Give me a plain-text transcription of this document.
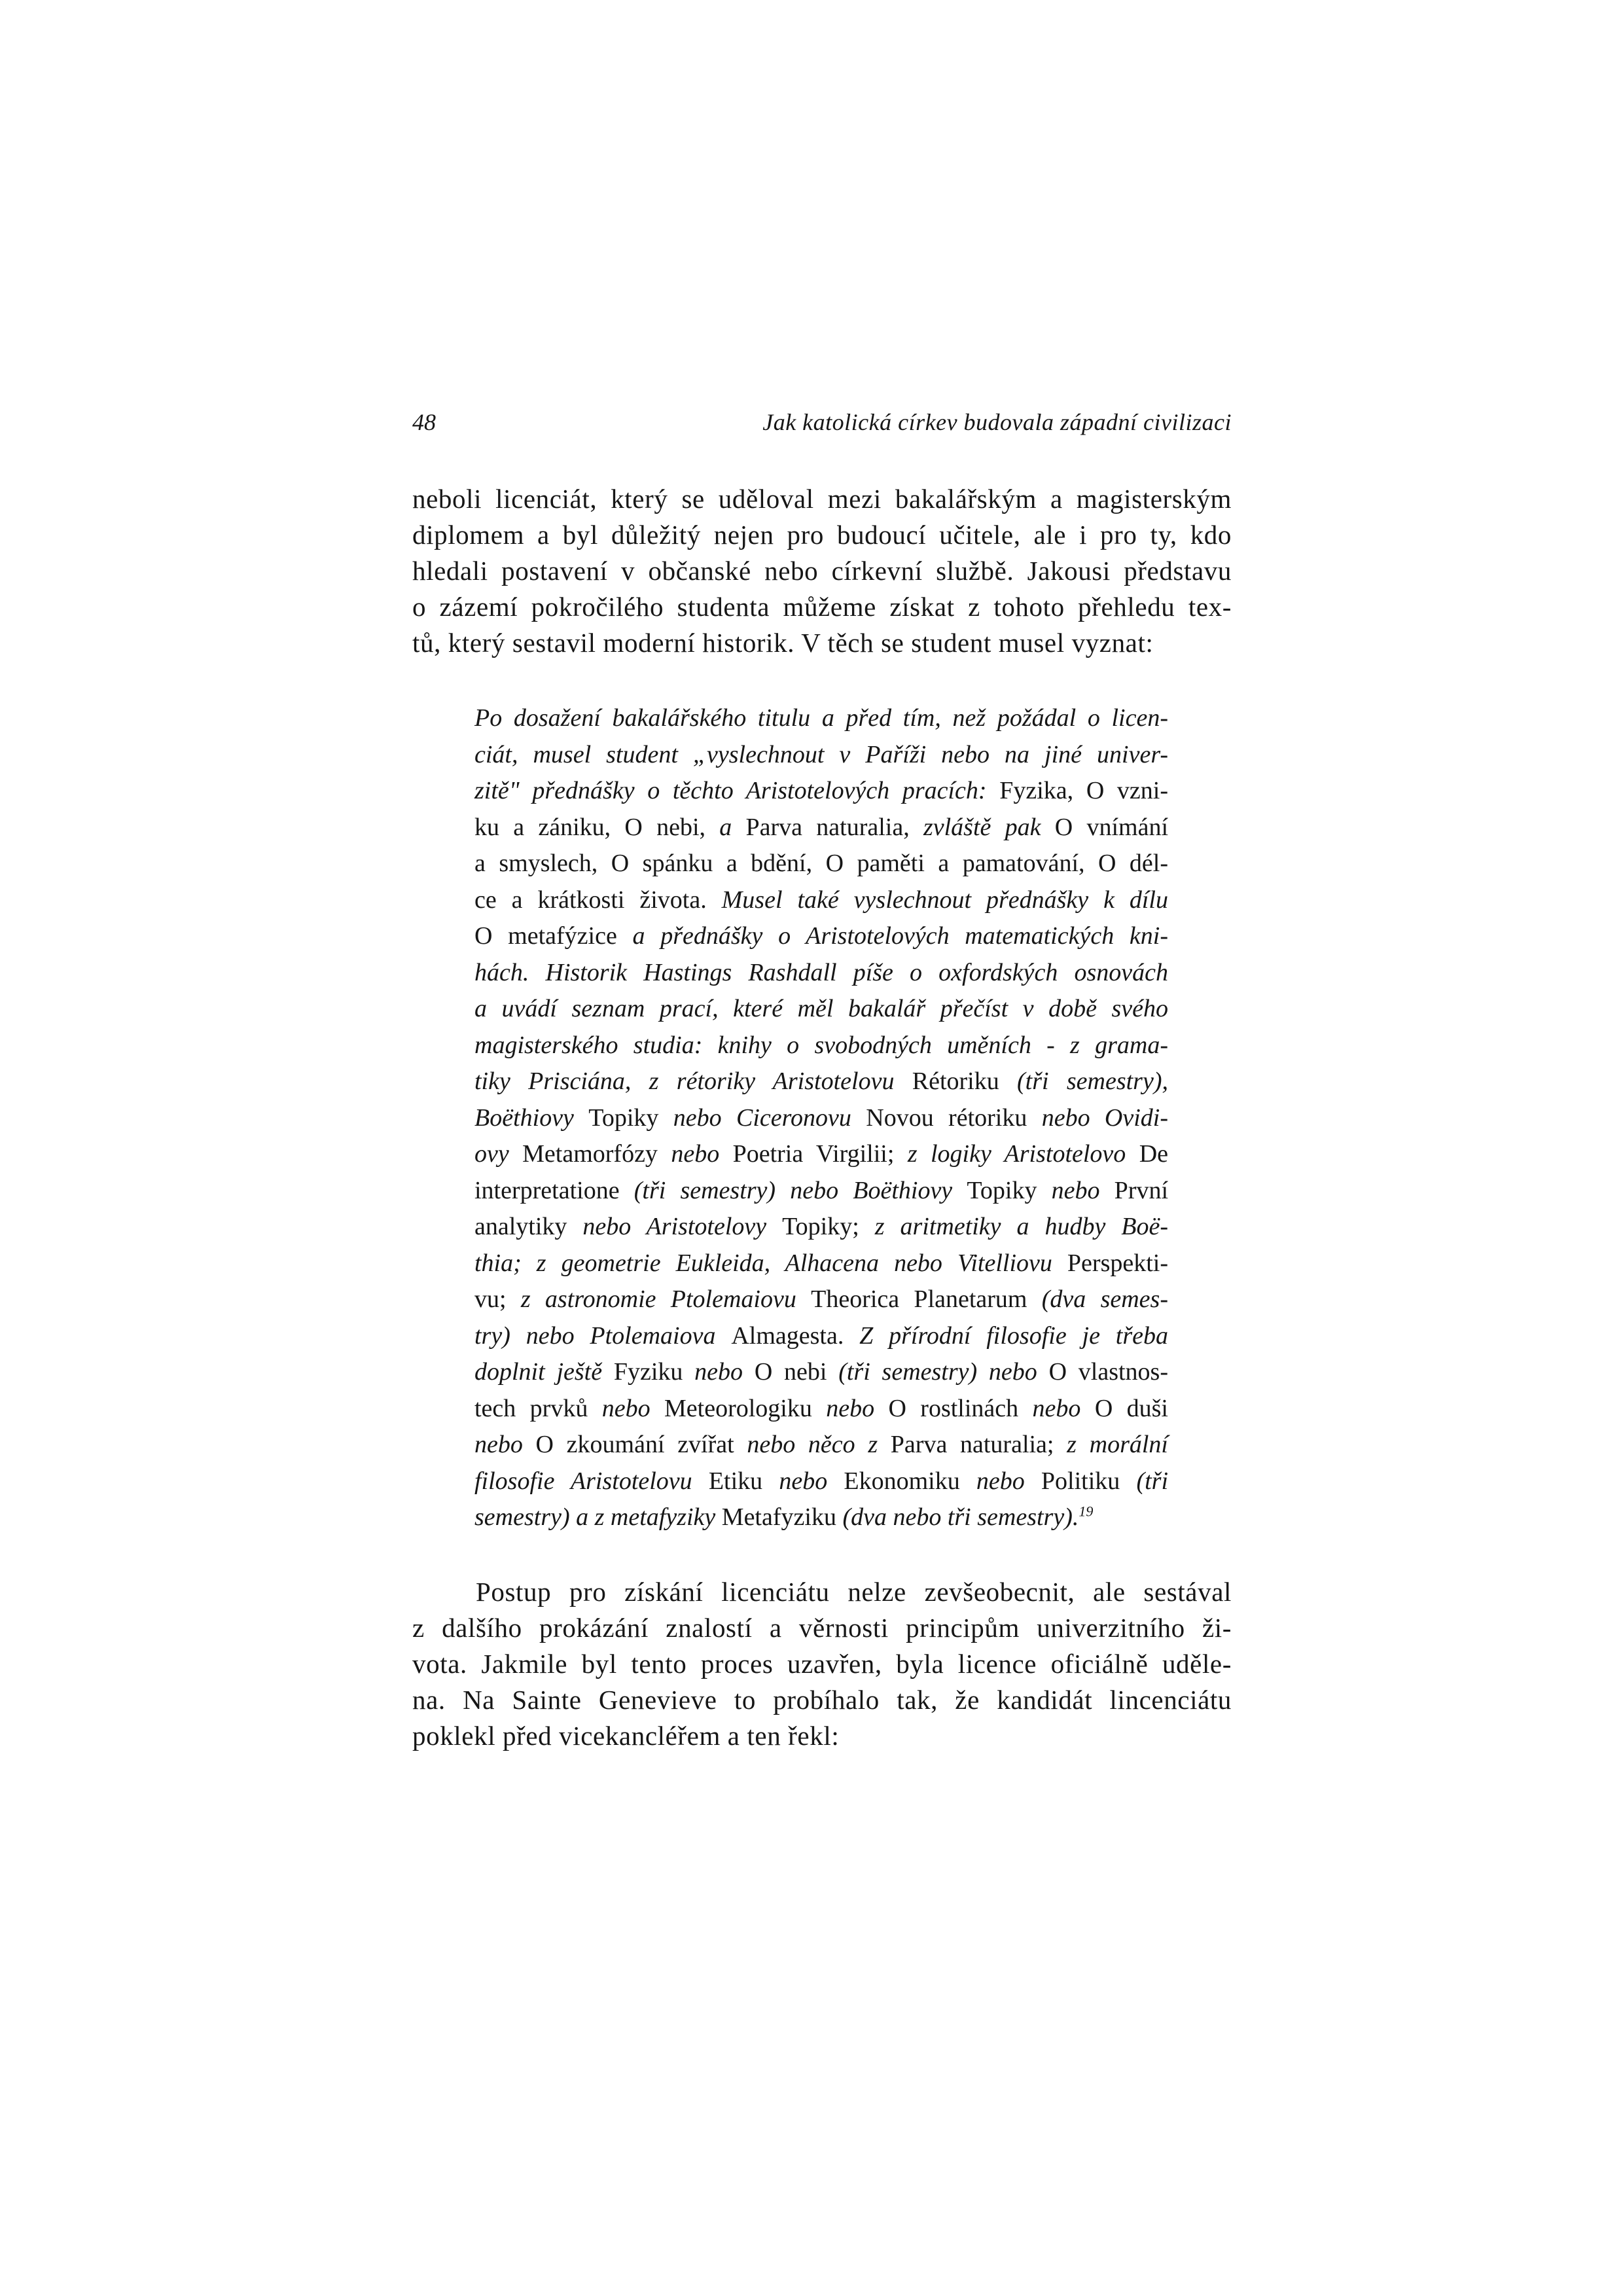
48	Jak katolická církev budovala západní civilizaci
neboli licenciát, který se uděloval mezi bakalářským a magisterským
diplomem a byl důležitý nejen pro budoucí učitele, ale i pro ty, kdo
hledali postavení v občanské nebo církevní službě. Jakousi představu
o zázemí pokročilého studenta můžeme získat z tohoto přehledu tex-
tů, který sestavil moderní historik. V těch se student musel vyznat:
Po dosažení bakalářského titulu a před tím, než požádal o licen-
ciát, musel student „vyslechnout v Paříži nebo na jiné univer-
zitě" přednášky o těchto Aristotelových pracích: Fyzika, O vzni-
ku a zániku, O nebi, a Parva naturalia, zvláště pak O vnímání
a smyslech, O spánku a bdění, O paměti a pamatování, O dél-
ce a krátkosti života. Musel také vyslechnout přednášky k dílu
O metafýzice a přednášky o Aristotelových matematických kni-
hách. Historik Hastings Rashdall píše o oxfordských osnovách
a uvádí seznam prací, které měl bakalář přečíst v době svého
magisterského studia: knihy o svobodných uměních - z grama-
tiky Prisciána, z rétoriky Aristotelovu Rétoriku (tři semestry),
Boëthiovy Topiky nebo Ciceronovu Novou rétoriku nebo Ovidi-
ovy Metamorfózy nebo Poetria Virgilii; z logiky Aristotelovo De
interpretatione (tři semestry) nebo Boëthiovy Topiky nebo První
analytiky nebo Aristotelovy Topiky; z aritmetiky a hudby Boë-
thia; z geometrie Eukleida, Alhacena nebo Vitelliovu Perspekti-
vu; z astronomie Ptolemaiovu Theorica Planetarum (dva semes-
try) nebo Ptolemaiova Almagesta. Z přírodní filosofie je třeba
doplnit ještě Fyziku nebo O nebi (tři semestry) nebo O vlastnos-
tech prvků nebo Meteorologiku nebo O rostlinách nebo O duši
nebo O zkoumání zvířat nebo něco z Parva naturalia; z morální
filosofie Aristotelovu Etiku nebo Ekonomiku nebo Politiku (tři
semestry) a z metafyziky Metafyziku (dva nebo tři semestry).$^{19}$
Postup pro získání licenciátu nelze zevšeobecnit, ale sestával
z dalšího prokázání znalostí a věrnosti principům univerzitního ži-
vota. Jakmile byl tento proces uzavřen, byla licence oficiálně uděle-
na. Na Sainte Genevieve to probíhalo tak, že kandidát lincenciátu
poklekl před vicekancléřem a ten řekl:
